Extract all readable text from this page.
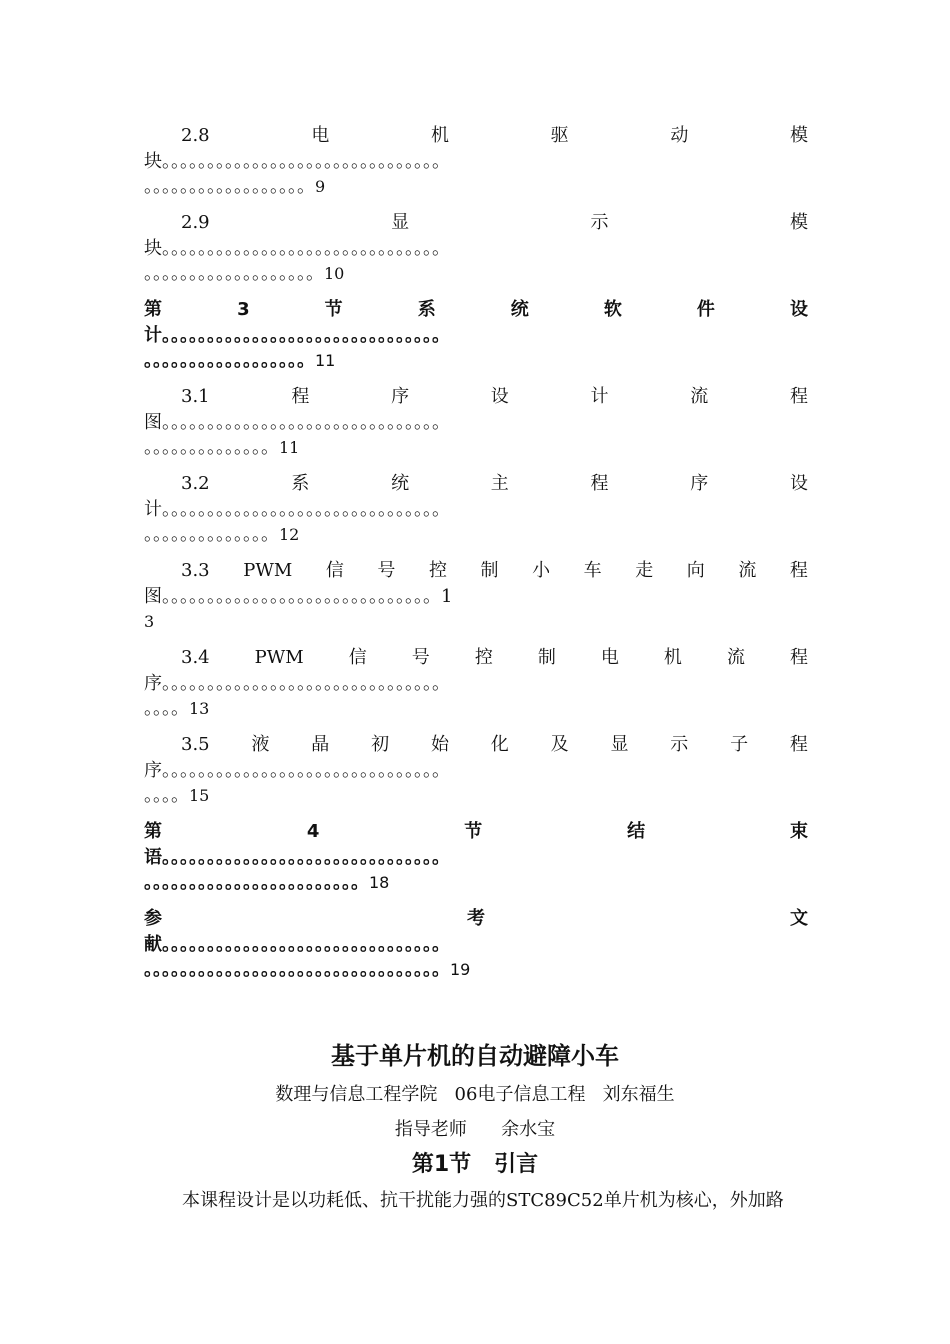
2.8	电	机	驱	动	模
块。。。。。。。。。。。。。。。。。。。。。。。。。。。。。。。
。。。。。。。。。。。。。。。。。。9
2.9	显	示	模
块。。。。。。。。。。。。。。。。。。。。。。。。。。。。。。。
。。。。。。。。。。。。。。。。。。。10
第	3	节	系	统	软	件	设
计。。。。。。。。。。。。。。。。。。。。。。。。。。。。。。。
。。。。。。。。。。。。。。。。。。11
3.1	程	序	设	计	流	程
图。。。。。。。。。。。。。。。。。。。。。。。。。。。。。。。
。。。。。。。。。。。。。。11
3.2	系	统	主	程	序	设
计。。。。。。。。。。。。。。。。。。。。。。。。。。。。。。。
。。。。。。。。。。。。。。12
3.3 PWM 信 号 控 制 小 车 走 向 流 程
图。。。。。。。。。。。。。。。。。。。。。。。。。。。。。。1
3
3.4	PWM	信	号	控	制	电	机	流	程
序。。。。。。。。。。。。。。。。。。。。。。。。。。。。。。。
。。。。13
3.5 液 晶 初 始 化 及 显 示 子 程
序。。。。。。。。。。。。。。。。。。。。。。。。。。。。。。。
。。。。15
第	4	节	结	束
语。。。。。。。。。。。。。。。。。。。。。。。。。。。。。。。
。。。。。。。。。。。。。。。。。。。。。。。。18
参	考	文
献。。。。。。。。。。。。。。。。。。。。。。。。。。。。。。。
。。。。。。。。。。。。。。。。。。。。。。。。。。。。。。。。。19
基于单片机的自动避障小车
数理与信息工程学院   06电子信息工程   刘东福生
指导老师      余水宝
第1节   引言
本课程设计是以功耗低、抗干扰能力强的STC89C52单片机为核心，外加路
